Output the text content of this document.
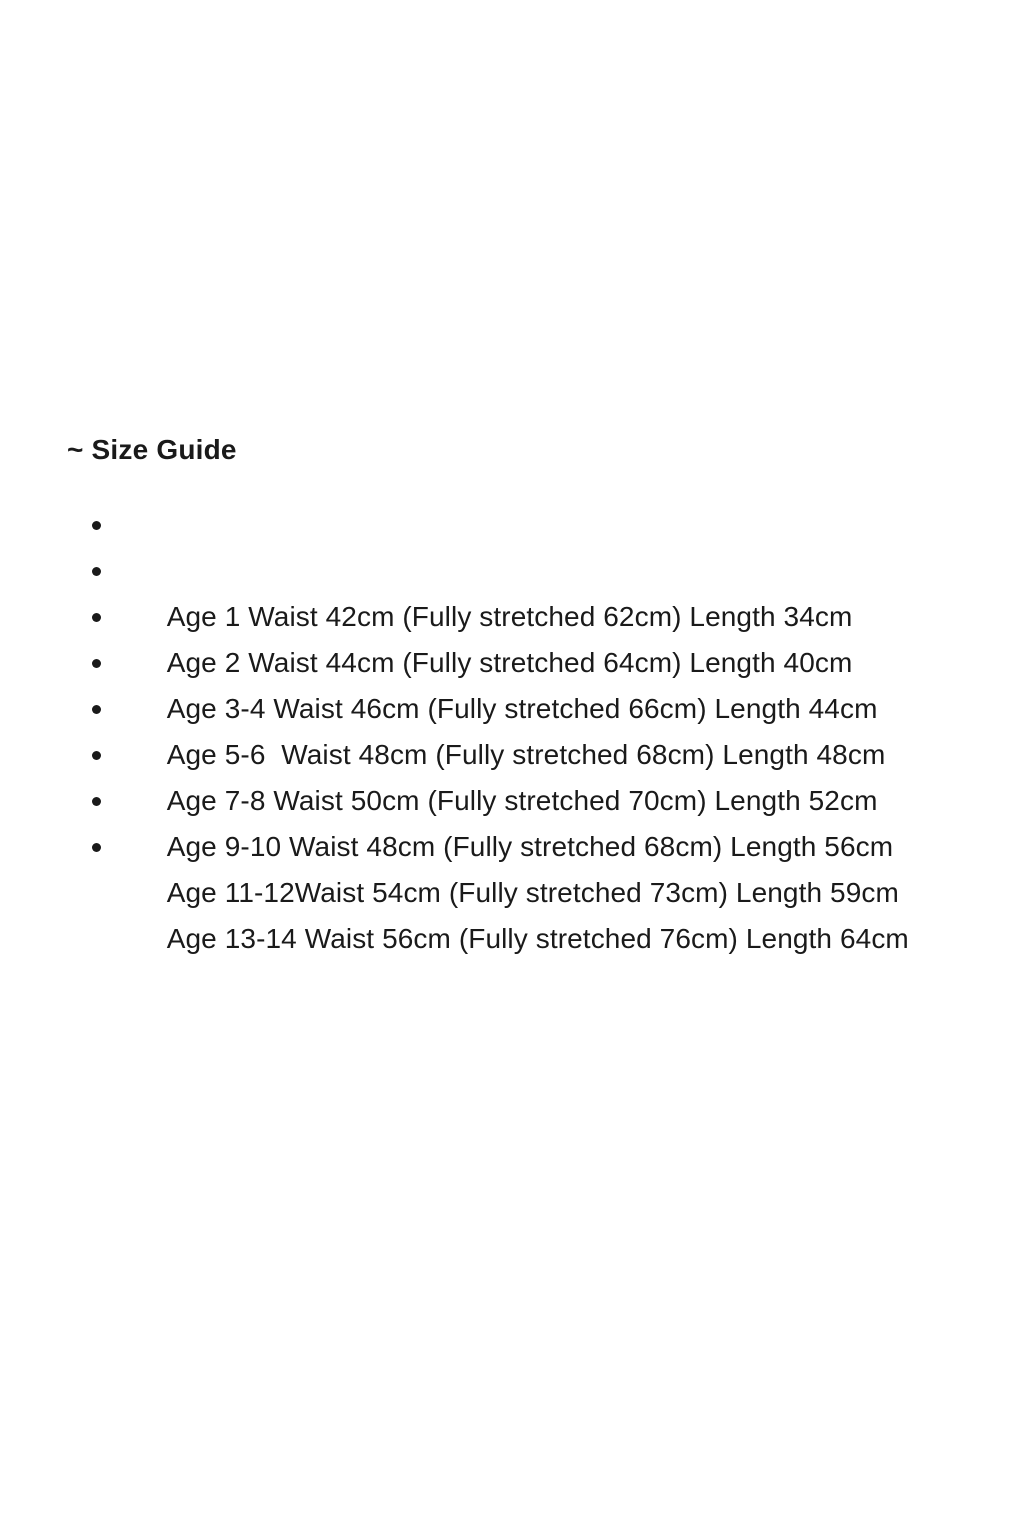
~ Size Guide

Age 1 Waist 42cm (Fully stretched 62cm) Length 34cm

Age 2 Waist 44cm (Fully stretched 64cm) Length 40cm

Age 3-4 Waist 46cm (Fully stretched 66cm) Length 44cm

Age 5-6  Waist 48cm (Fully stretched 68cm) Length 48cm

Age 7-8 Waist 50cm (Fully stretched 70cm) Length 52cm

Age 9-10 Waist 48cm (Fully stretched 68cm) Length 56cm

Age 11-12Waist 54cm (Fully stretched 73cm) Length 59cm

Age 13-14 Waist 56cm (Fully stretched 76cm) Length 64cm
